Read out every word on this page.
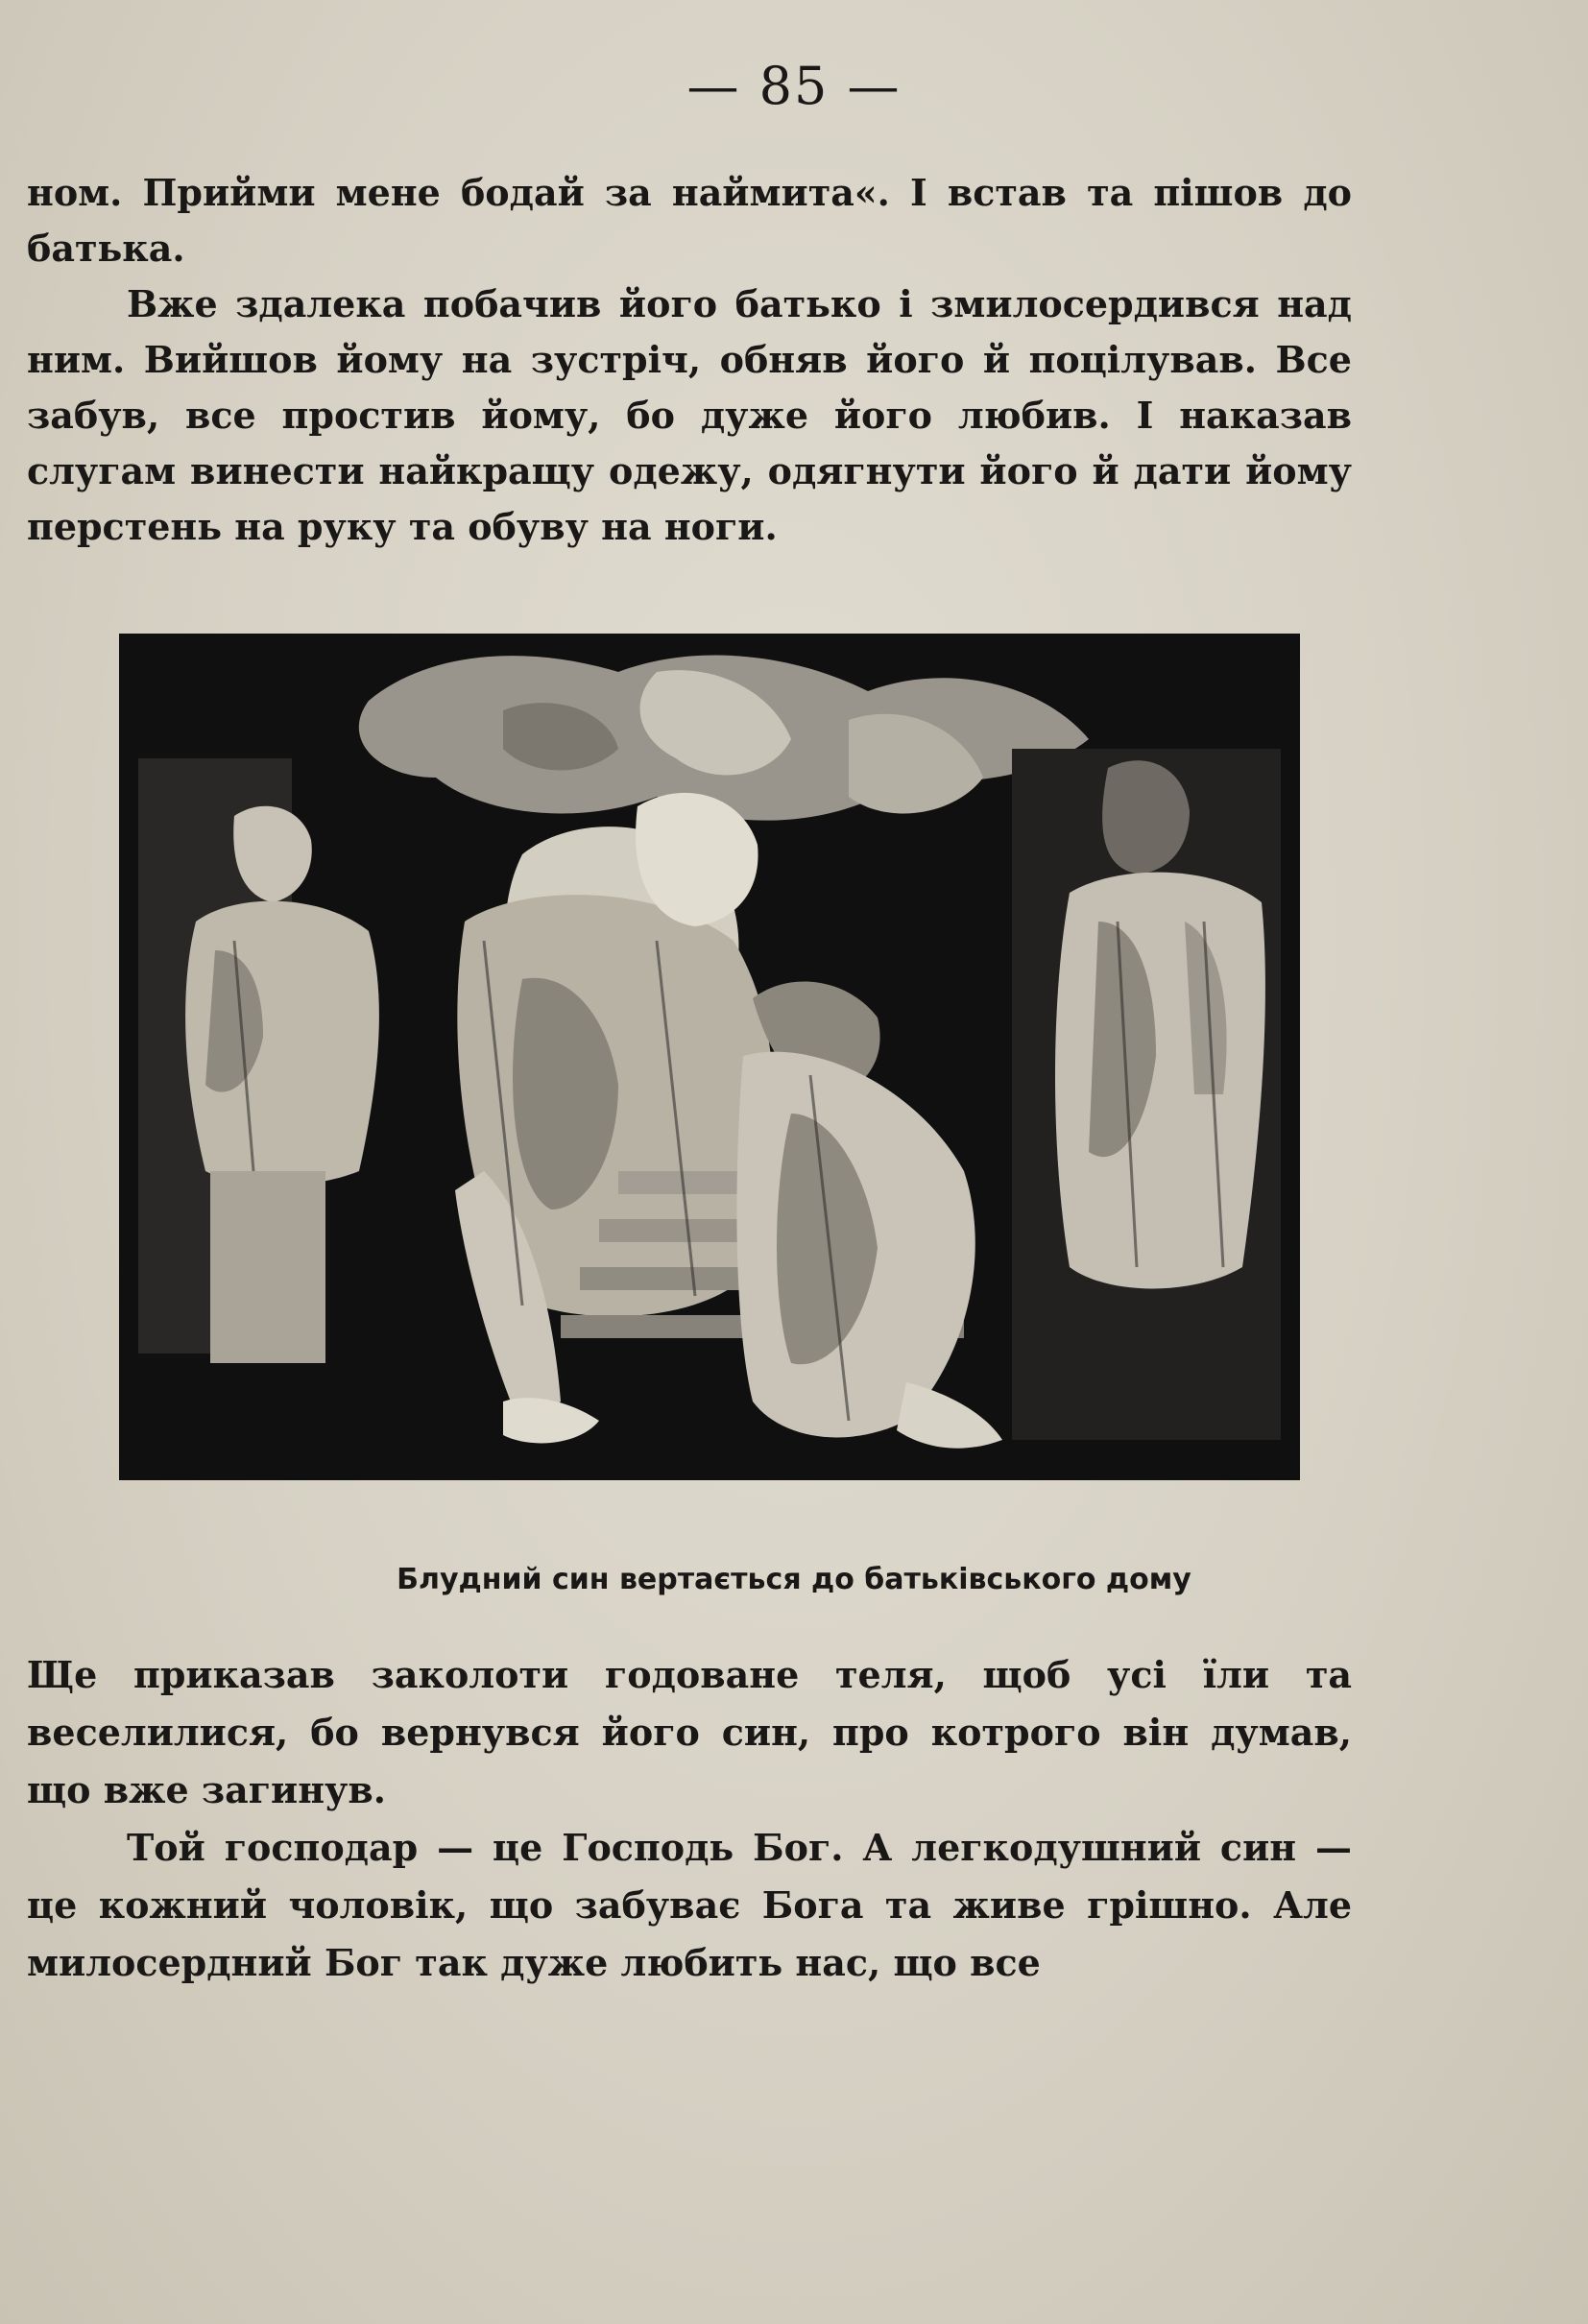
— 85 —

ном. Прийми мене бодай за наймита«. І встав та пішов до батька.

Вже здалека побачив його батько і змилосердився над ним. Вийшов йому на зустріч, обняв його й поцілував. Все забув, все простив йому, бо дуже його любив. І наказав слугам винести найкращу одежу, одягнути його й дати йому перстень на руку та обуву на ноги.

Блудний син вертається до батьківського дому

Ще приказав заколоти годоване теля, щоб усі їли та веселилися, бо вернувся його син, про котрого він думав, що вже загинув.

Той господар — це Господь Бог. А легкодушний син — це кожний чоловік, що забуває Бога та живе грішно. Але милосердний Бог так дуже любить нас, що все
